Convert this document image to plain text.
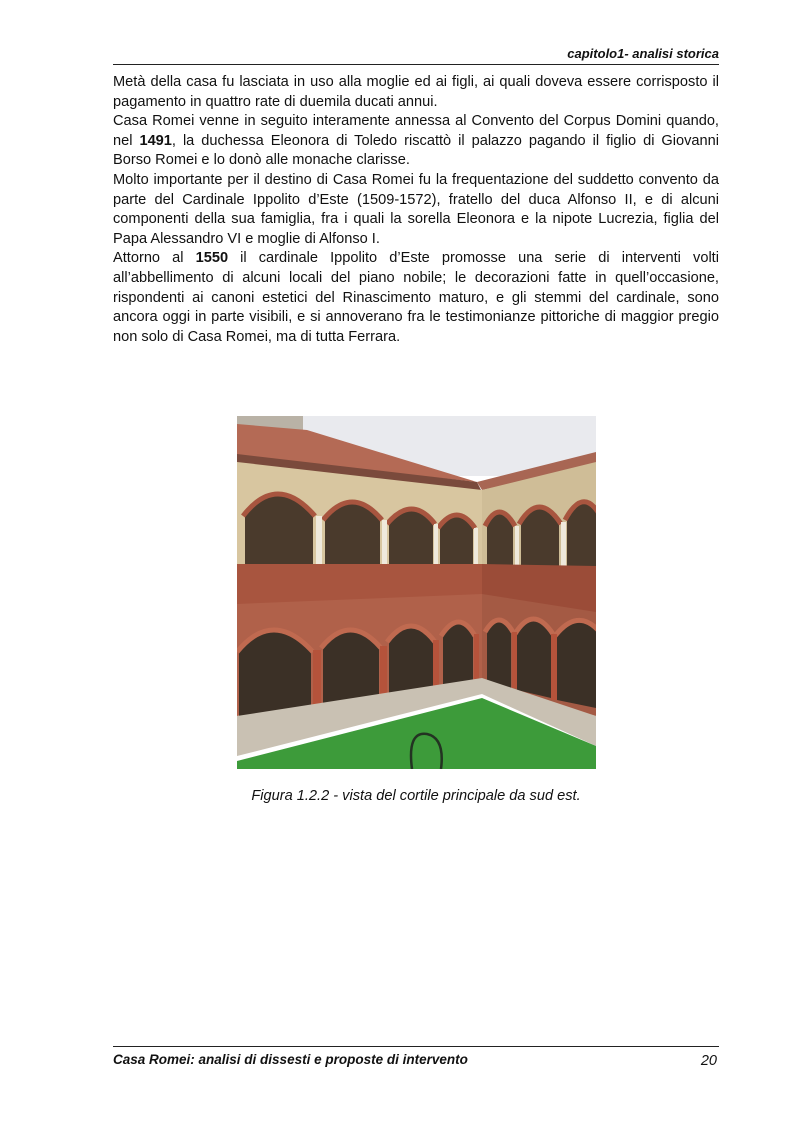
capitolo1- analisi storica

Metà della casa fu lasciata in uso alla moglie ed ai figli, ai quali doveva essere corrisposto il pagamento in quattro rate di duemila ducati annui.

Casa Romei venne in seguito interamente annessa al Convento del Corpus Domini quando, nel 1491, la duchessa Eleonora di Toledo riscattò il palazzo pagando il figlio di Giovanni Borso Romei e lo donò alle monache clarisse.

Molto importante per il destino di Casa Romei fu la frequentazione del suddetto convento da parte del Cardinale Ippolito d’Este (1509-1572), fratello del duca Alfonso II, e di alcuni componenti della sua famiglia, fra i quali la sorella Eleonora e la nipote Lucrezia, figlia del Papa Alessandro VI e moglie di Alfonso I.

Attorno al 1550 il cardinale Ippolito d’Este promosse una serie di interventi volti all’abbellimento di alcuni locali del piano nobile; le decorazioni fatte in quell’occasione, rispondenti ai canoni estetici del Rinascimento maturo, e gli stemmi del cardinale, sono ancora oggi in parte visibili, e si annoverano fra le testimonianze pittoriche di maggior pregio non solo di Casa Romei, ma di tutta Ferrara.

Figura 1.2.2 - vista del cortile principale da sud est.
Casa Romei: analisi di dissesti e proposte di intervento	20
